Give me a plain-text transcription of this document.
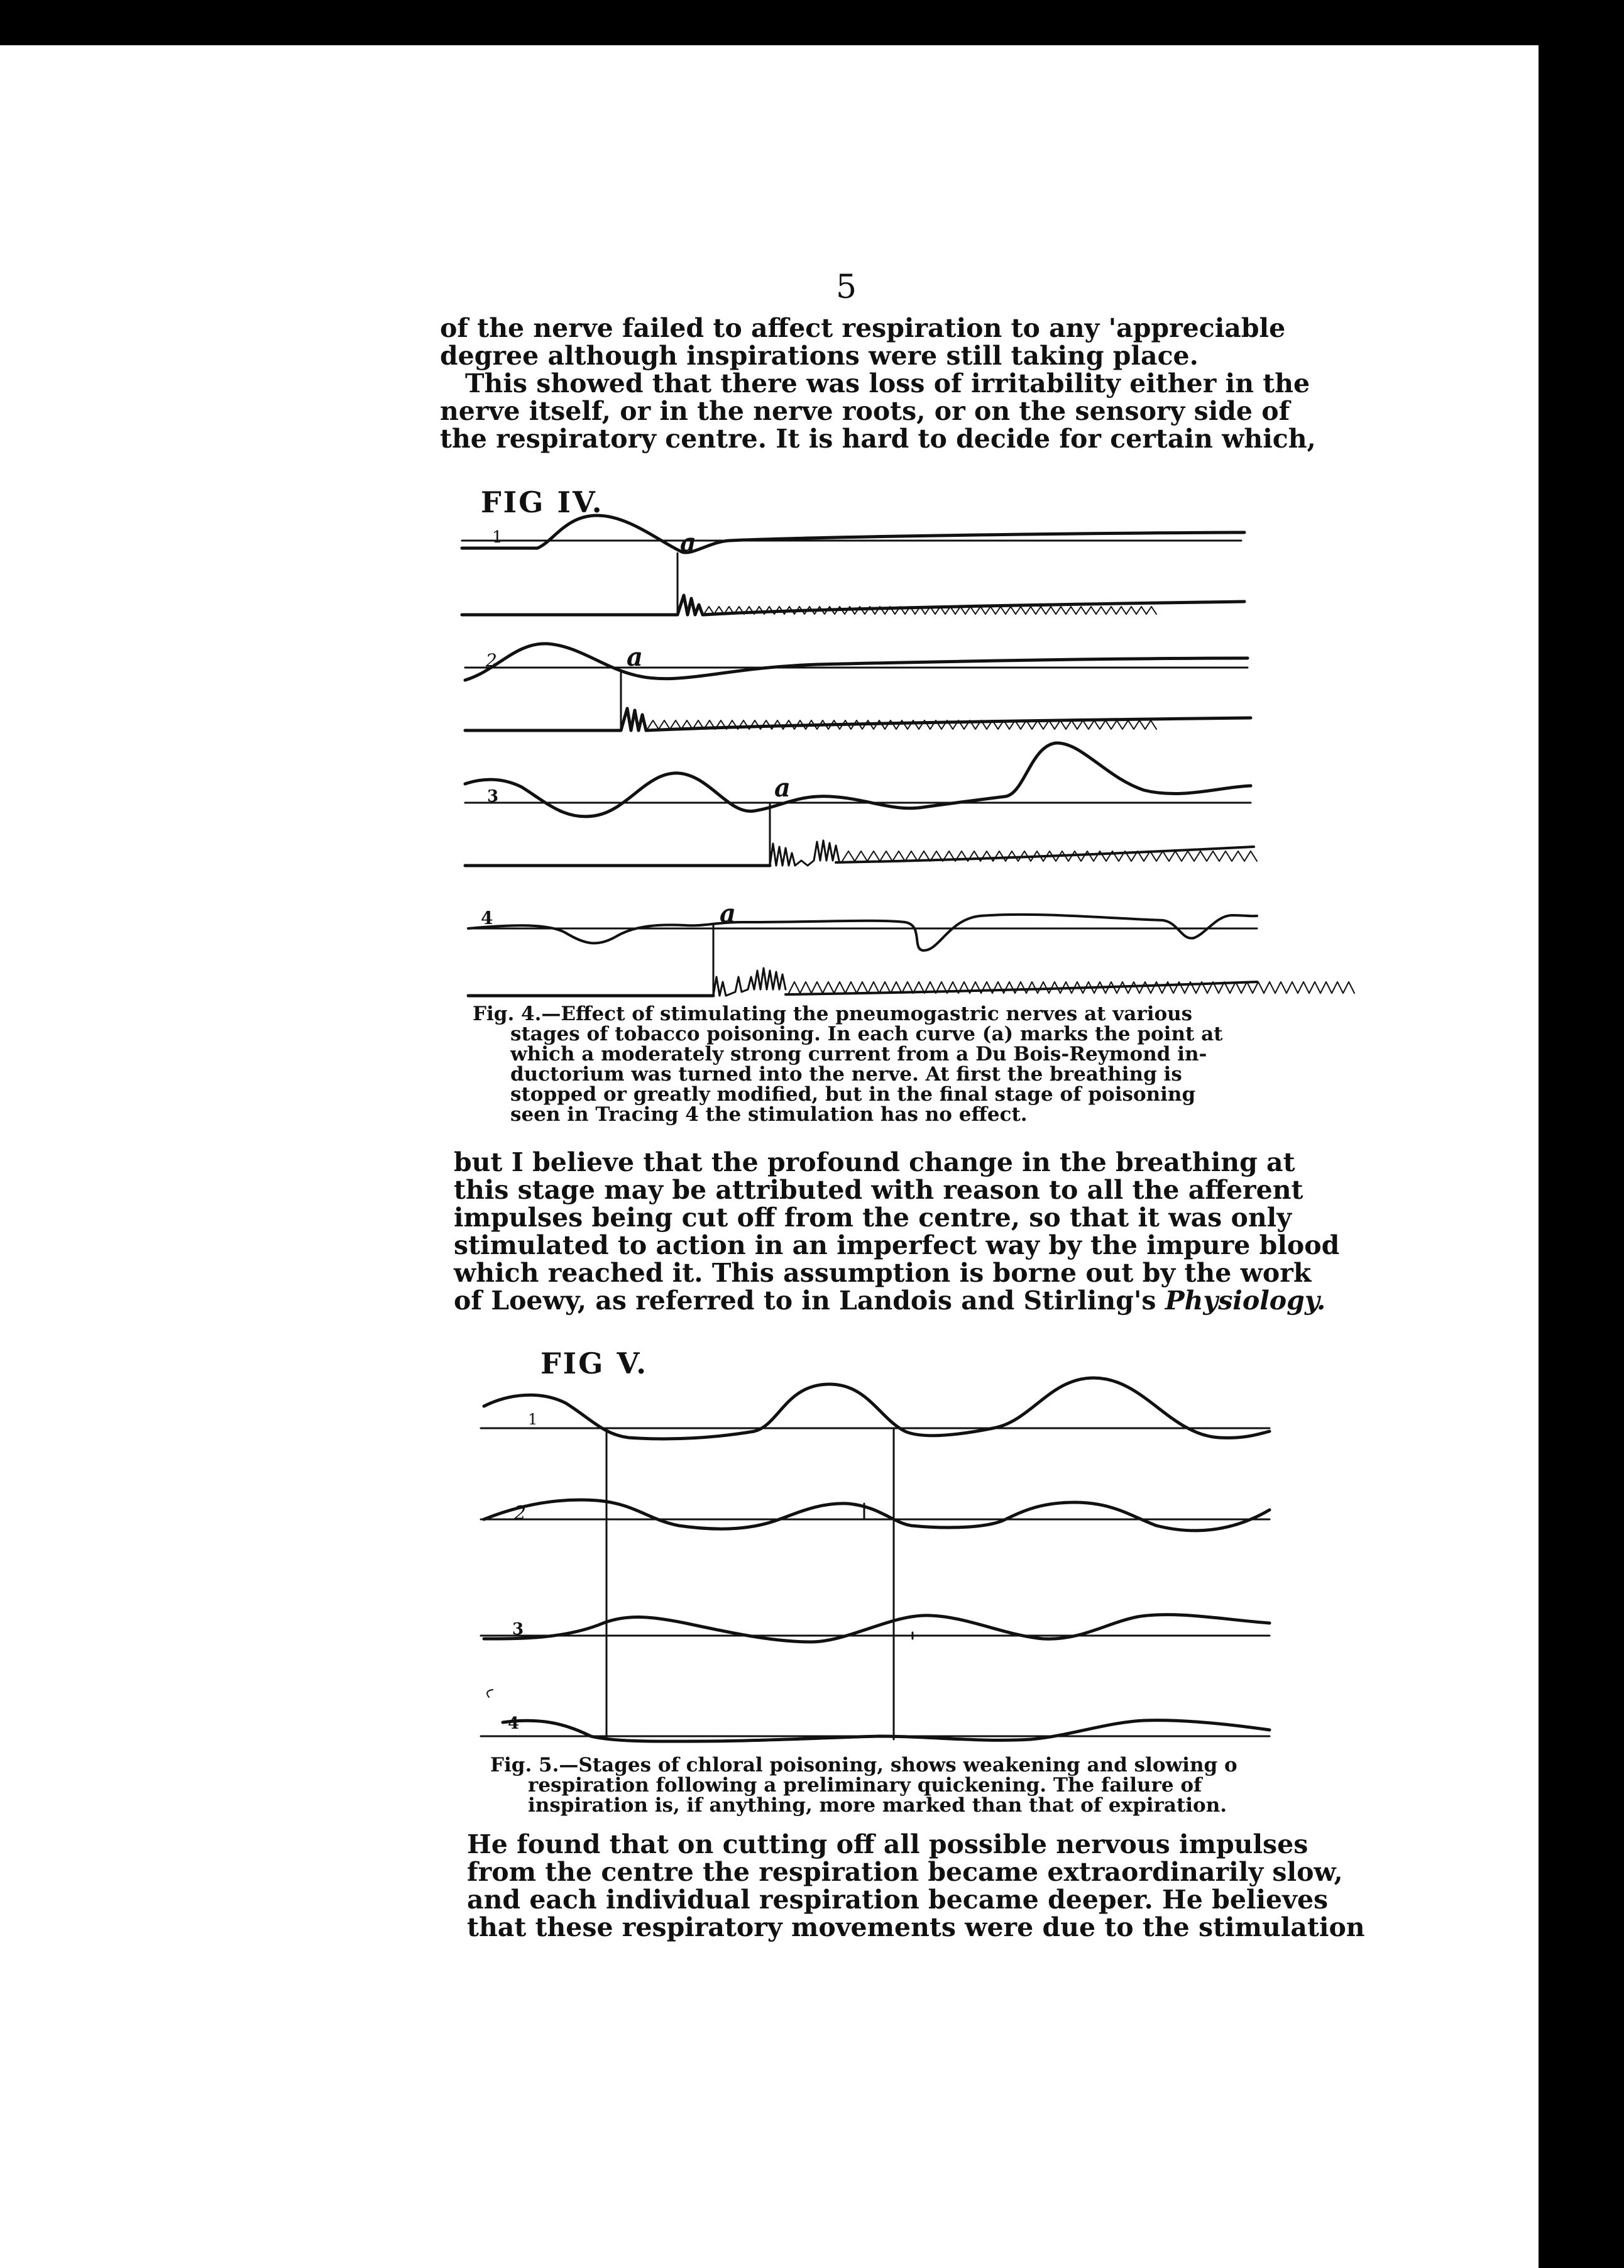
5
of the nerve failed to affect respiration to any 'appreciable
degree although inspirations were still taking place.
This showed that there was loss of irritability either in the
nerve itself, or in the nerve roots, or on the sensory side of
the respiratory centre. It is hard to decide for certain which,
FIG IV.
1
2
3
4
a
a
a
a
Fig. 4.—Effect of stimulating the pneumogastric nerves at various
stages of tobacco poisoning. In each curve (a) marks the point at
which a moderately strong current from a Du Bois-Reymond in-
ductorium was turned into the nerve. At first the breathing is
stopped or greatly modified, but in the final stage of poisoning
seen in Tracing 4 the stimulation has no effect.
but I believe that the profound change in the breathing at
this stage may be attributed with reason to all the afferent
impulses being cut off from the centre, so that it was only
stimulated to action in an imperfect way by the impure blood
which reached it. This assumption is borne out by the work
of Loewy, as referred to in Landois and Stirling's Physiology.
FIG V.
1
2
3
4
Fig. 5.—Stages of chloral poisoning, shows weakening and slowing o
respiration following a preliminary quickening. The failure of
inspiration is, if anything, more marked than that of expiration.
He found that on cutting off all possible nervous impulses
from the centre the respiration became extraordinarily slow,
and each individual respiration became deeper. He believes
that these respiratory movements were due to the stimulation
